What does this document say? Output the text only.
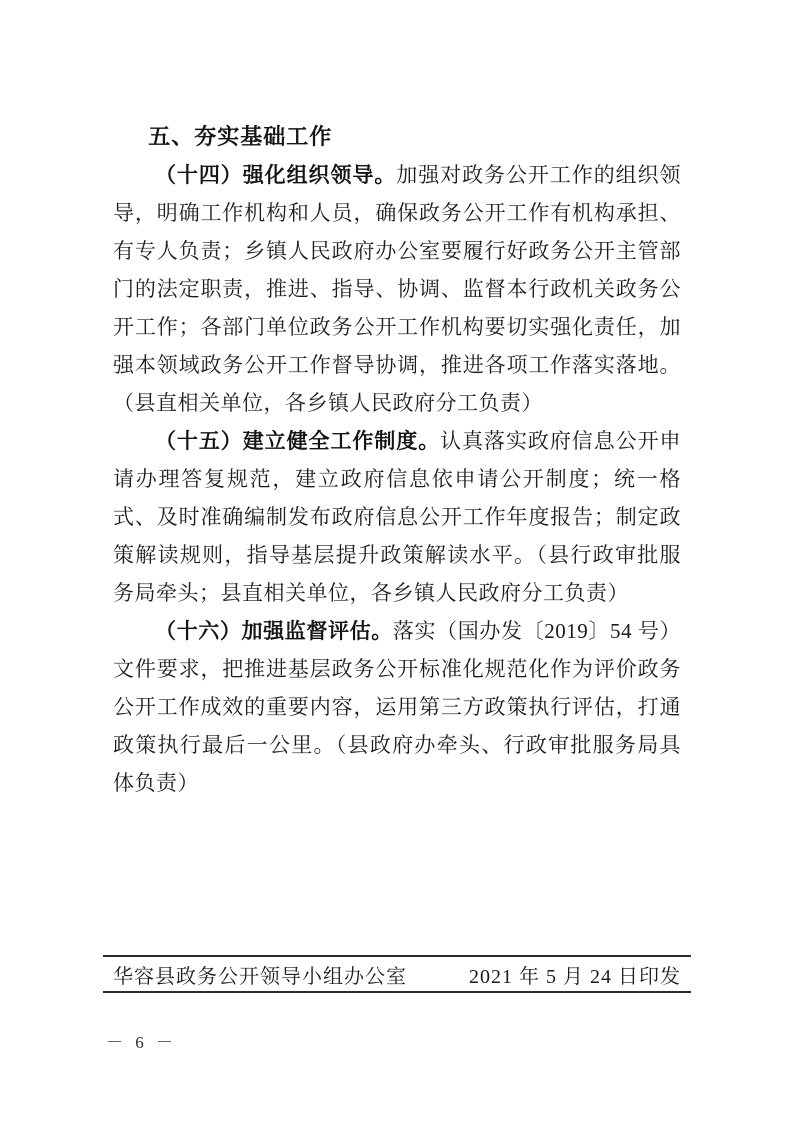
五、夯实基础工作

（十四）强化组织领导。加强对政务公开工作的组织领导，明确工作机构和人员，确保政务公开工作有机构承担、有专人负责；乡镇人民政府办公室要履行好政务公开主管部门的法定职责，推进、指导、协调、监督本行政机关政务公开工作；各部门单位政务公开工作机构要切实强化责任，加强本领域政务公开工作督导协调，推进各项工作落实落地。（县直相关单位，各乡镇人民政府分工负责）

（十五）建立健全工作制度。认真落实政府信息公开申请办理答复规范，建立政府信息依申请公开制度；统一格式、及时准确编制发布政府信息公开工作年度报告；制定政策解读规则，指导基层提升政策解读水平。（县行政审批服务局牵头；县直相关单位，各乡镇人民政府分工负责）

（十六）加强监督评估。落实（国办发〔2019〕54 号）文件要求，把推进基层政务公开标准化规范化作为评价政务公开工作成效的重要内容，运用第三方政策执行评估，打通政策执行最后一公里。（县政府办牵头、行政审批服务局具体负责）

华容县政务公开领导小组办公室	2021 年 5 月 24 日印发
－ 6 －
